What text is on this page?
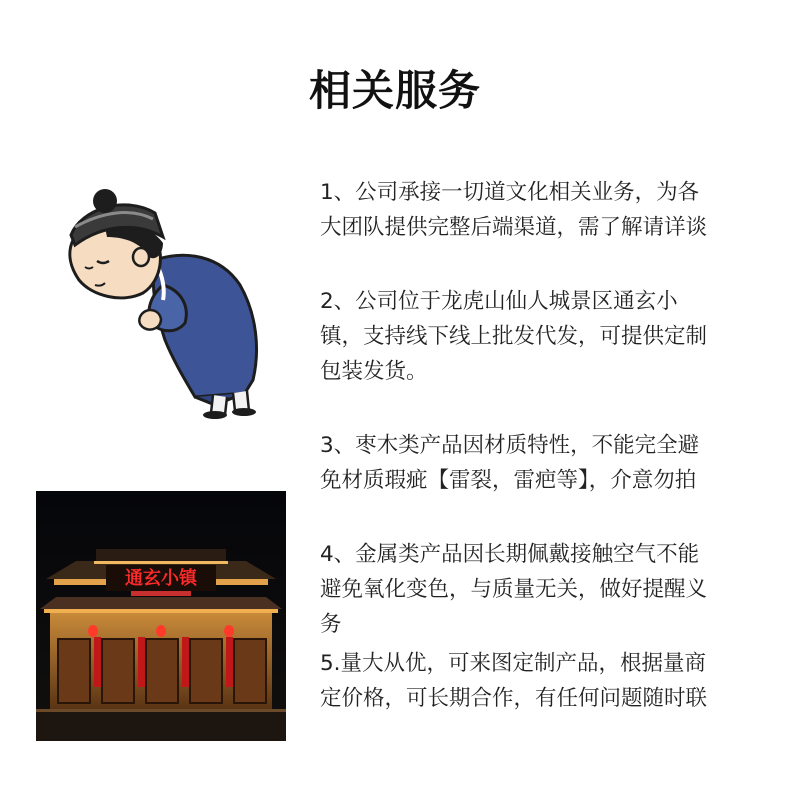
相关服务
通玄小镇
1、公司承接一切道文化相关业务，为各
大团队提供完整后端渠道，需了解请详谈
2、公司位于龙虎山仙人城景区通玄小
镇，支持线下线上批发代发，可提供定制
包装发货。
3、枣木类产品因材质特性，不能完全避
免材质瑕疵【雷裂，雷疤等】，介意勿拍
4、金属类产品因长期佩戴接触空气不能
避免氧化变色，与质量无关，做好提醒义
务
5.量大从优，可来图定制产品，根据量商
定价格，可长期合作，有任何问题随时联
